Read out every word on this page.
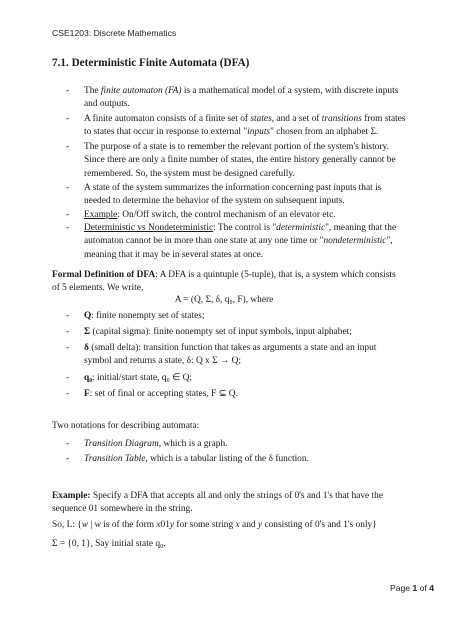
CSE1203: Discrete Mathematics
7.1. Deterministic Finite Automata (DFA)
- The finite automaton (FA) is a mathematical model of a system, with discrete inputs
and outputs.
- A finite automaton consists of a finite set of states, and a set of transitions from states
to states that occur in response to external "inputs" chosen from an alphabet Σ.
- The purpose of a state is to remember the relevant portion of the system's history.
Since there are only a finite number of states, the entire history generally cannot be
remembered. So, the system must be designed carefully.
- A state of the system summarizes the information concerning past inputs that is
needed to determine the behavior of the system on subsequent inputs.
- Example: On/Off switch, the control mechanism of an elevator etc.
- Deterministic vs Nondeterministic: The control is "deterministic", meaning that the
automaton cannot be in more than one state at any one time or "nondeterministic",
meaning that it may be in several states at once.
Formal Definition of DFA: A DFA is a quintuple (5-tuple), that is, a system which consists
of 5 elements. We write,
A = (Q, Σ, δ, q₀, F), where
- Q: finite nonempty set of states;
- Σ (capital sigma): finite nonempty set of input symbols, input alphabet;
- δ (small delta): transition function that takes as arguments a state and an input
symbol and returns a state, δ: Q x Σ → Q;
- q₀: initial/start state, q₀ ∈ Q;
- F: set of final or accepting states, F ⊆ Q.
Two notations for describing automata:
- Transition Diagram, which is a graph.
- Transition Table, which is a tabular listing of the δ function.
Example: Specify a DFA that accepts all and only the strings of 0's and 1's that have the
sequence 01 somewhere in the string.
So, L: {w | w is of the form x01y for some string x and y consisting of 0's and 1's only}
Σ = {0, 1}, Say initial state q₀.
Page 1 of 4
